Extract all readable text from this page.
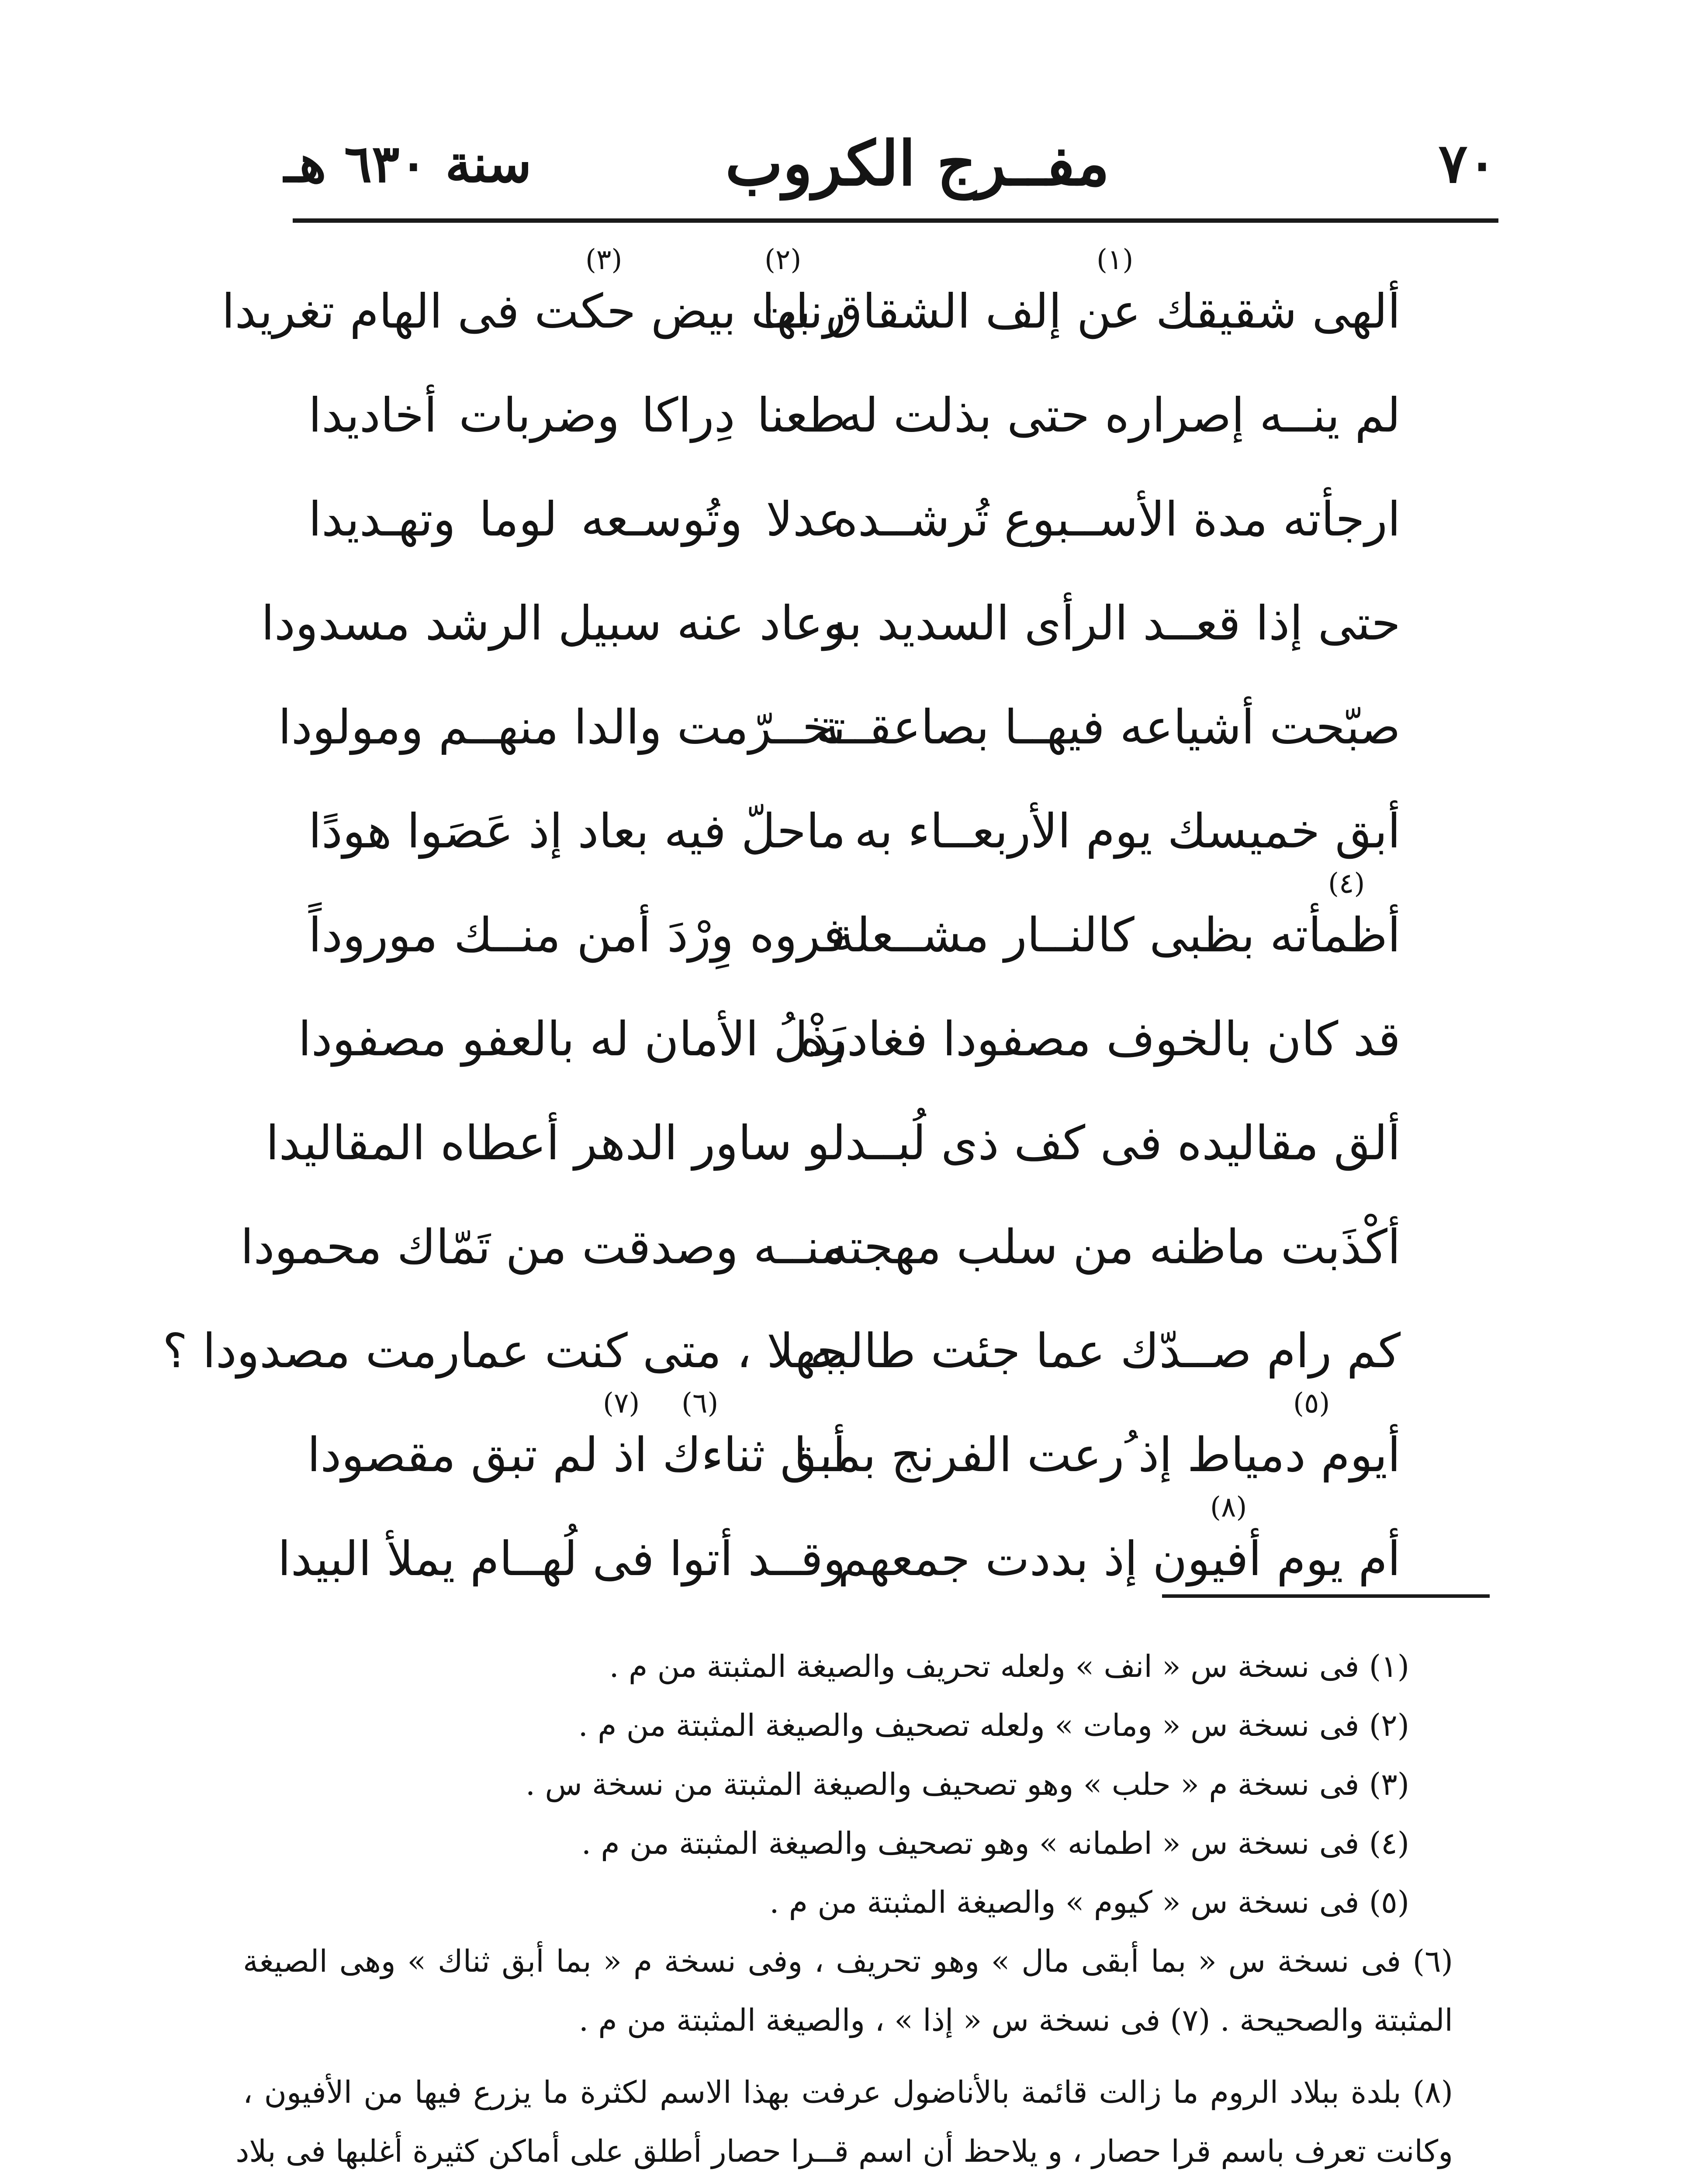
٧٠
مفــرج الكروب
سنة ٦٣٠ هـ
(١)
(٢)
(٣)
ألهى شقيقك عن إلف الشقاق بها
رنات بيض حكت فى الهام تغريدا
لم ينــه إصراره حتى بذلت له
طعنا دِراكا وضربات أخاديدا
ارجأته مدة الأســبوع تُرشــده
عدلا وتُوسـعه لوما وتهـديدا
حتى إذا قعــد الرأى السديد به
وعاد عنه سبيل الرشد مسدودا
صبّحت أشياعه فيهــا بصاعقــة
تخــرّمت والدا منهــم ومولودا
أبق خميسك يوم الأربعــاء به
ماحلّ فيه بعاد إذ عَصَوا هودًا
(٤)
أظمأته بظبى كالنــار مشــعلة
فروه وِرْدَ أمن منــك موروداً
قد كان بالخوف مصفودا فغادره
بَذْلُ الأمان له بالعفو مصفودا
ألق مقاليده فى كف ذى لُبــد
لو ساور الدهر أعطاه المقاليدا
أكْذَبت ماظنه من سلب مهجته
منــه وصدقت من تَمّاك محمودا
كم رام صــدّك عما جئت طالبه
جهلا ، متى كنت عمارمت مصدودا ؟
(٥)
(٦)
(٧)
أيوم دمياط إذ ُرعت الفرنج بمــا
أبق ثناءك اذ لم تبق مقصودا
(٨)
أم يوم أفيون إذ بددت جمعهم
وقــد أتوا فى لُهــام يملأ البيدا
(١) فى نسخة س « انف » ولعله تحريف والصيغة المثبتة من م .
(٢) فى نسخة س « ومات » ولعله تصحيف والصيغة المثبتة من م .
(٣) فى نسخة م « حلب » وهو تصحيف والصيغة المثبتة من نسخة س .
(٤) فى نسخة س « اطمانه » وهو تصحيف والصيغة المثبتة من م .
(٥) فى نسخة س « كيوم » والصيغة المثبتة من م .
(٦) فى نسخة س « بما أبقى مال » وهو تحريف ، وفى نسخة م « بما أبق ثناك » وهى الصيغة
المثبتة والصحيحة . (٧) فى نسخة س « إذا » ، والصيغة المثبتة من م .
(٨) بلدة ببلاد الروم ما زالت قائمة بالأناضول عرفت بهذا الاسم لكثرة ما يزرع فيها من الأفيون ،
وكانت تعرف باسم قرا حصار ، و يلاحظ أن اسم قــرا حصار أطلق على أماكن كثيرة أغلبها فى بلاد
